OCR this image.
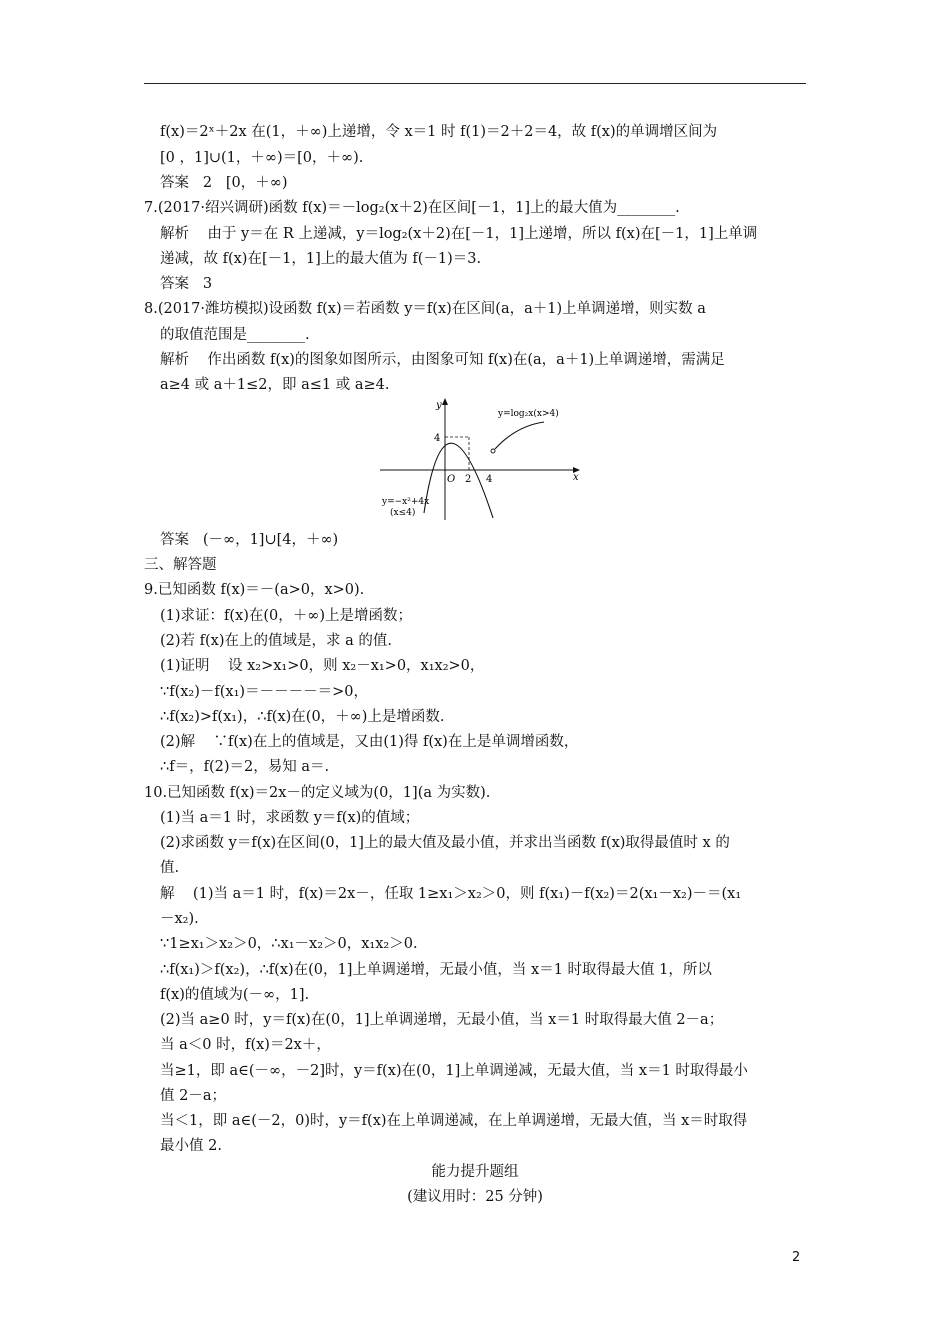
f(x)＝2ˣ＋2x 在(1，＋∞)上递增，令 x＝1 时 f(1)＝2＋2＝4，故 f(x)的单调增区间为
[0 ，1]∪(1，＋∞)＝[0，＋∞).
答案   2   [0，＋∞)
7.(2017·绍兴调研)函数 f(x)＝－log₂(x＋2)在区间[－1，1]上的最大值为________.
解析    由于 y＝在 R 上递减，y＝log₂(x＋2)在[－1，1]上递增，所以 f(x)在[－1，1]上单调
递减，故 f(x)在[－1，1]上的最大值为 f(－1)＝3.
答案   3
8.(2017·潍坊模拟)设函数 f(x)＝若函数 y＝f(x)在区间(a，a＋1)上单调递增，则实数 a
的取值范围是________.
解析    作出函数 f(x)的图象如图所示，由图象可知 f(x)在(a，a＋1)上单调递增，需满足
a≥4 或 a＋1≤2，即 a≤1 或 a≥4.
y
x
O 2 4
4
y=log₂x(x>4)
y=−x²+4x
(x≤4)
答案   (－∞，1]∪[4，＋∞)
三、解答题
9.已知函数 f(x)＝－(a>0，x>0).
(1)求证：f(x)在(0，＋∞)上是增函数；
(2)若 f(x)在上的值域是，求 a 的值.
(1)证明    设 x₂>x₁>0，则 x₂－x₁>0，x₁x₂>0，
∵f(x₂)－f(x₁)＝－－－－＝>0，
∴f(x₂)>f(x₁)，∴f(x)在(0，＋∞)上是增函数.
(2)解    ∵f(x)在上的值域是，又由(1)得 f(x)在上是单调增函数，
∴f＝，f(2)＝2，易知 a＝.
10.已知函数 f(x)＝2x－的定义域为(0，1](a 为实数).
(1)当 a＝1 时，求函数 y＝f(x)的值域；
(2)求函数 y＝f(x)在区间(0，1]上的最大值及最小值，并求出当函数 f(x)取得最值时 x 的
值.
解    (1)当 a＝1 时，f(x)＝2x－，任取 1≥x₁＞x₂＞0，则 f(x₁)－f(x₂)＝2(x₁－x₂)－＝(x₁
－x₂).
∵1≥x₁＞x₂＞0，∴x₁－x₂＞0，x₁x₂＞0.
∴f(x₁)＞f(x₂)，∴f(x)在(0，1]上单调递增，无最小值，当 x＝1 时取得最大值 1，所以
f(x)的值域为(－∞，1].
(2)当 a≥0 时，y＝f(x)在(0，1]上单调递增，无最小值，当 x＝1 时取得最大值 2－a；
当 a＜0 时，f(x)＝2x＋，
当≥1，即 a∈(－∞，－2]时，y＝f(x)在(0，1]上单调递减，无最大值，当 x＝1 时取得最小
值 2－a；
当＜1，即 a∈(－2，0)时，y＝f(x)在上单调递减，在上单调递增，无最大值，当 x＝时取得
最小值 2.
能力提升题组
(建议用时：25 分钟)
2
